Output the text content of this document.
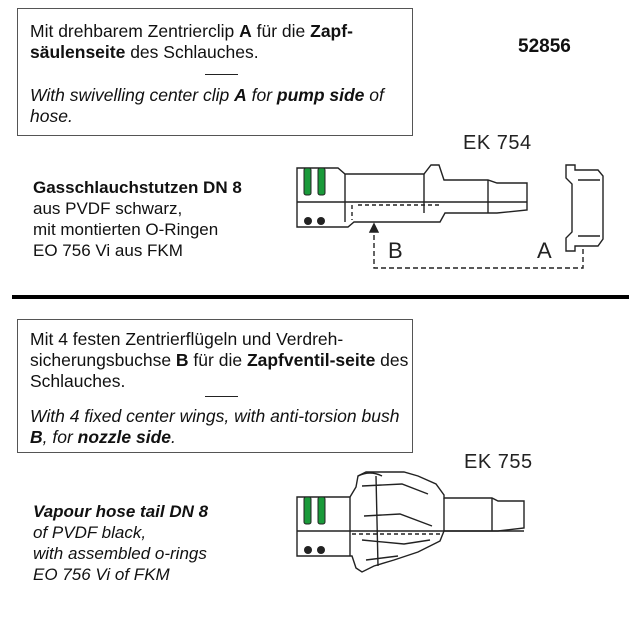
Mit drehbarem Zentrierclip A für die Zapf-säulenseite des Schlauches.
With swivelling center clip A for pump side of hose.
52856
EK 754
Gasschlauchstutzen DN 8
aus PVDF schwarz,
mit montierten O-Ringen
EO 756 Vi aus FKM	B	A
Mit 4 festen Zentrierflügeln und Verdreh-sicherungsbuchse B für die Zapfventil-seite des Schlauches.
With 4 fixed center wings, with anti-torsion bush B, for nozzle side.
EK 755
Vapour hose tail DN 8
of PVDF black,
with assembled o-rings
EO 756 Vi of FKM
